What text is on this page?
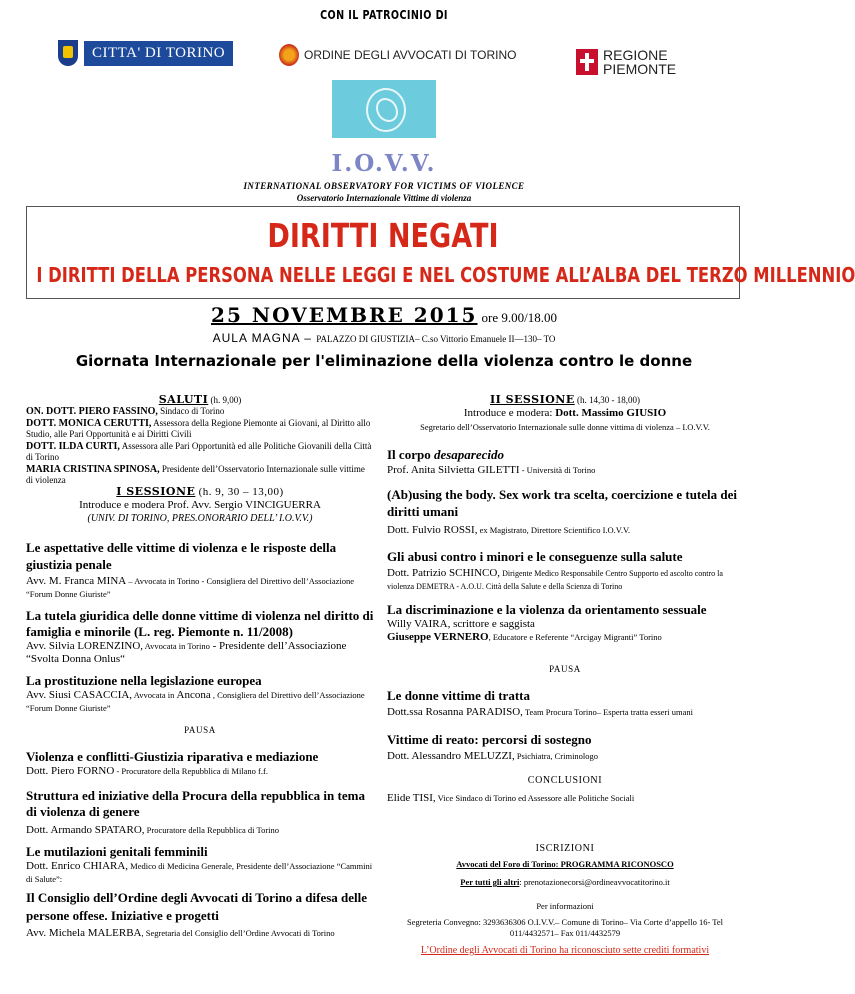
CON IL PATROCINIO DI
CITTA' DI TORINO	ORDINE DEGLI AVVOCATI DI TORINO	REGIONE
PIEMONTE
I.O.V.V.
INTERNATIONAL OBSERVATORY FOR VICTIMS OF VIOLENCE
Osservatorio Internazionale Vittime di violenza
DIRITTI NEGATI
I DIRITTI DELLA PERSONA NELLE LEGGI E NEL COSTUME ALL’ALBA DEL TERZO MILLENNIO
25 NOVEMBRE 2015 ore 9.00/18.00
AULA MAGNA – PALAZZO DI GIUSTIZIA– C.so Vittorio Emanuele II—130– TO
Giornata Internazionale per l'eliminazione della violenza contro le donne
SALUTI (h. 9,00)
ON. DOTT. PIERO FASSINO, Sindaco di Torino
DOTT. MONICA CERUTTI, Assessora della Regione Piemonte ai Giovani, al Diritto allo Studio, alle Pari Opportunità e ai Diritti Civili
DOTT. ILDA CURTI, Assessora alle Pari Opportunità ed alle Politiche Giovanili della Città di Torino
MARIA CRISTINA SPINOSA, Presidente dell’Osservatorio Internazionale sulle vittime di violenza
I SESSIONE (h. 9, 30 – 13,00)
Introduce e modera Prof. Avv. Sergio VINCIGUERRA
(UNIV. DI TORINO, PRES.ONORARIO DELL’ I.O.V.V.)
Le aspettative delle vittime di violenza e le risposte della giustizia penale
Avv. M. Franca MINA – Avvocata in Torino - Consigliera del Direttivo dell’Associazione “Forum Donne Giuriste”
La tutela giuridica delle donne vittime di violenza nel diritto di famiglia e minorile (L. reg. Piemonte n. 11/2008)
Avv. Silvia LORENZINO, Avvocata in Torino - Presidente dell’Associazione “Svolta Donna Onlus“
La prostituzione nella legislazione europea
Avv. Siusi CASACCIA, Avvocata in Ancona , Consigliera del Direttivo dell’Associazione “Forum Donne Giuriste”
PAUSA
Violenza e conflitti-Giustizia riparativa e mediazione
Dott. Piero FORNO - Procuratore della Repubblica di Milano f.f.
Struttura ed iniziative della Procura della repubblica in tema di violenza di genere
Dott. Armando SPATARO, Procuratore della Repubblica di Torino
Le mutilazioni genitali femminili
Dott. Enrico CHIARA, Medico di Medicina Generale, Presidente dell’Associazione “Cammini di Salute”:
Il Consiglio dell’Ordine degli Avvocati di Torino a difesa delle persone offese. Iniziative e progetti
Avv. Michela MALERBA, Segretaria del Consiglio dell’Ordine Avvocati di Torino
II SESSIONE (h. 14,30 - 18,00)
Introduce e modera: Dott. Massimo GIUSIO
Segretario dell’Osservatorio Internazionale sulle donne vittima di violenza – I.O.V.V.
Il corpo desaparecido
Prof. Anita Silvietta GILETTI - Università di Torino
(Ab)using the body. Sex work tra scelta, coercizione e tutela dei diritti umani
Dott. Fulvio ROSSI, ex Magistrato, Direttore Scientifico I.O.V.V.
Gli abusi contro i minori e le conseguenze sulla salute
Dott. Patrizio SCHINCO, Dirigente Medico Responsabile Centro Supporto ed ascolto contro la violenza DEMETRA - A.O.U. Città della Salute e della Scienza di Torino
La discriminazione e la violenza da orientamento sessuale
Willy VAIRA, scrittore e saggista
Giuseppe VERNERO, Educatore e Referente “Arcigay Migranti” Torino
PAUSA
Le donne vittime di tratta
Dott.ssa Rosanna PARADISO, Team Procura Torino– Esperta tratta esseri umani
Vittime di reato: percorsi di sostegno
Dott. Alessandro MELUZZI, Psichiatra, Criminologo
CONCLUSIONI
Elide TISI, Vice Sindaco di Torino ed Assessore alle Politiche Sociali
ISCRIZIONI
Avvocati del Foro di Torino: PROGRAMMA RICONOSCO
Per tutti gli altri: prenotazionecorsi@ordineavvocatitorino.it
Per informazioni
Segreteria Convegno: 3293636306 O.I.V.V.– Comune di Torino– Via Corte d’appello 16- Tel 011/4432571– Fax 011/4432579
L’Ordine degli Avvocati di Torino ha riconosciuto sette crediti formativi
